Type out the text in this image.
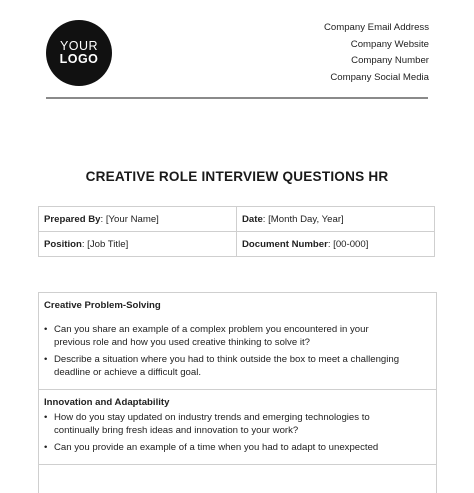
YOUR
LOGO
Company Email Address
Company Website
Company Number
Company Social Media
CREATIVE ROLE INTERVIEW QUESTIONS HR
Prepared By: [Your Name]	Date: [Month Day, Year]
Position: [Job Title]	Document Number: [00-000]
Creative Problem-Solving
• Can you share an example of a complex problem you encountered in your
previous role and how you used creative thinking to solve it?
• Describe a situation where you had to think outside the box to meet a challenging
deadline or achieve a difficult goal.
Innovation and Adaptability
• How do you stay updated on industry trends and emerging technologies to
continually bring fresh ideas and innovation to your work?
• Can you provide an example of a time when you had to adapt to unexpected
